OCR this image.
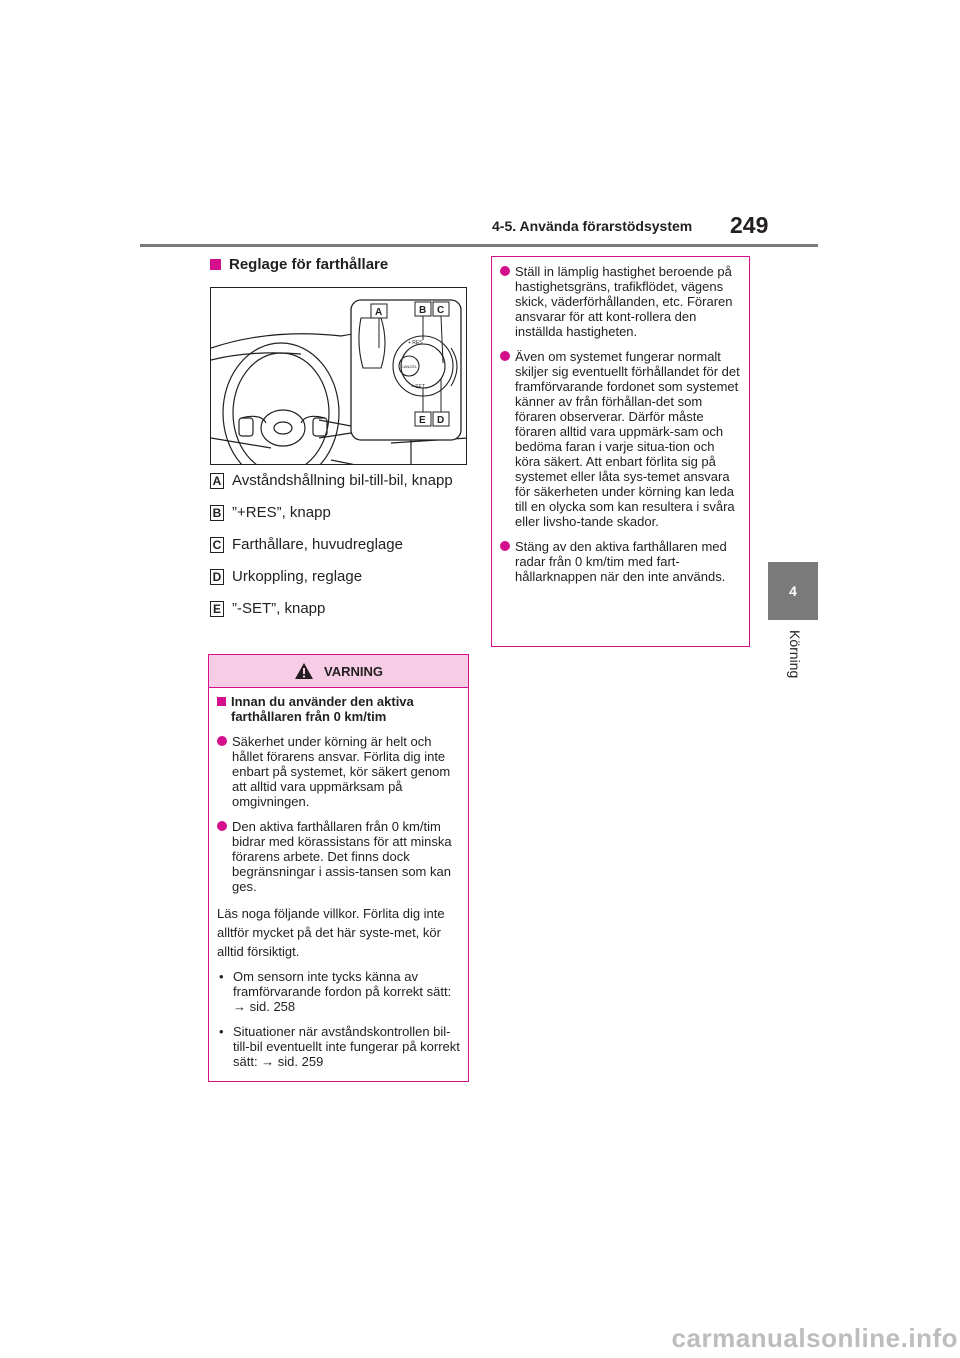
4-5. Använda förarstödsystem 249
4
Körning
Reglage för farthållare
+ RES
CANCEL
– SET
A	B C
E D
A Avståndshållning bil-till-bil, knapp
B ”+RES”, knapp
C Farthållare, huvudreglage
D Urkoppling, reglage
E ”-SET”, knapp
VARNING
Innan du använder den aktiva farthållaren från 0 km/tim
Säkerhet under körning är helt och hållet förarens ansvar. Förlita dig inte enbart på systemet, kör säkert genom att alltid vara uppmärksam på omgivningen.
Den aktiva farthållaren från 0 km/tim bidrar med körassistans för att minska förarens arbete. Det finns dock begränsningar i assis-tansen som kan ges.
Läs noga följande villkor. Förlita dig inte alltför mycket på det här syste-met, kör alltid försiktigt.
• Om sensorn inte tycks känna av framförvarande fordon på korrekt sätt: → sid. 258
• Situationer när avståndskontrollen bil-till-bil eventuellt inte fungerar på korrekt sätt: → sid. 259
Ställ in lämplig hastighet beroende på hastighetsgräns, trafikflödet, vägens skick, väderförhållanden, etc. Föraren ansvarar för att kont-rollera den inställda hastigheten.
Även om systemet fungerar normalt skiljer sig eventuellt förhållandet för det framförvarande fordonet som systemet känner av från förhållan-det som föraren observerar. Därför måste föraren alltid vara uppmärk-sam och bedöma faran i varje situa-tion och köra säkert. Att enbart förlita sig på systemet eller låta sys-temet ansvara för säkerheten under körning kan leda till en olycka som kan resultera i svåra eller livsho-tande skador.
Stäng av den aktiva farthållaren med radar från 0 km/tim med fart-hållarknappen när den inte används.
carmanualsonline.info
